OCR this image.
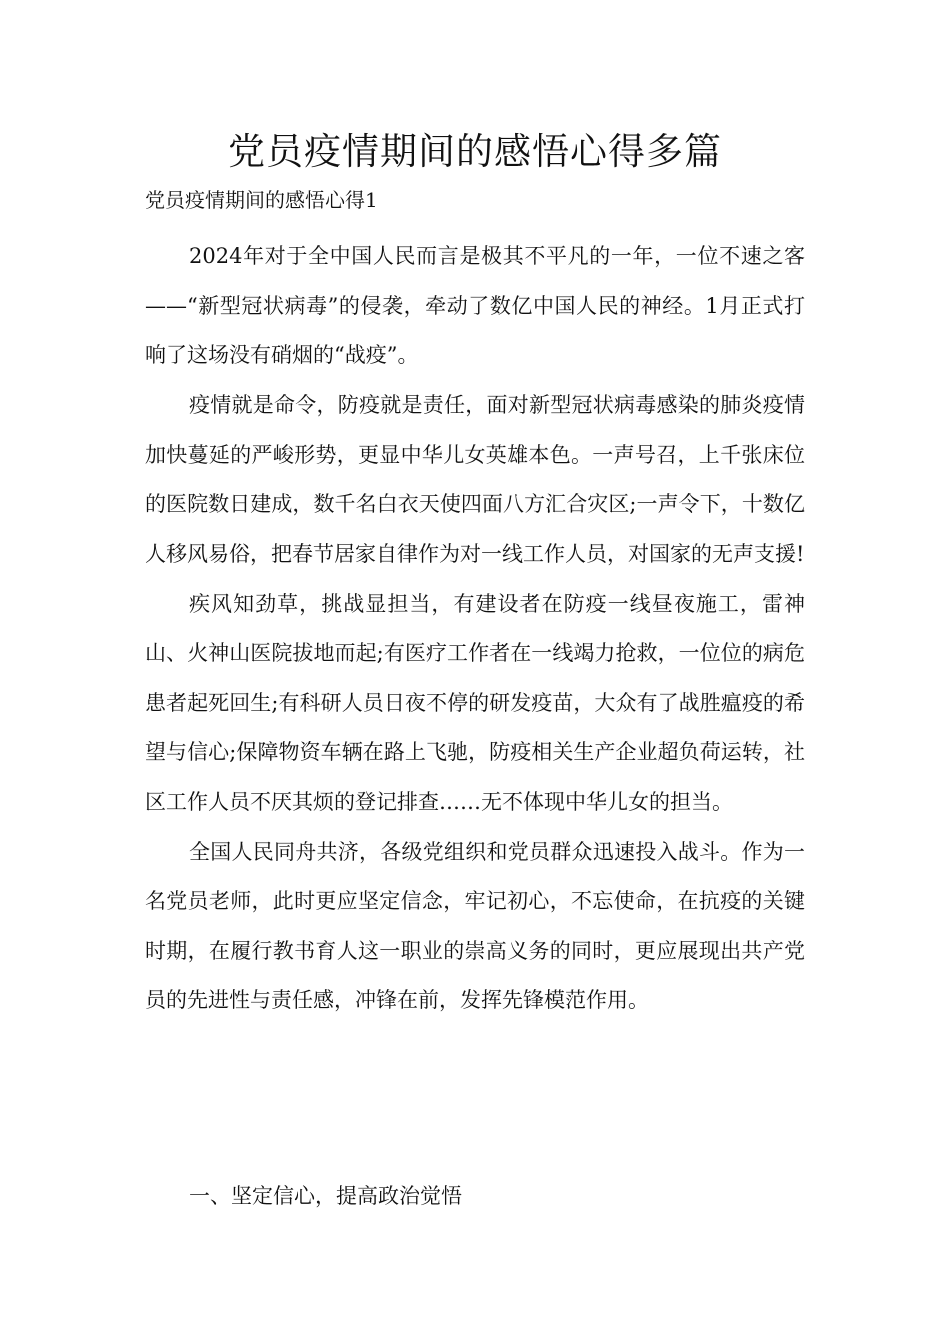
党员疫情期间的感悟心得多篇

党员疫情期间的感悟心得1

2024年对于全中国人民而言是极其不平凡的一年，一位不速之客——“新型冠状病毒”的侵袭，牵动了数亿中国人民的神经。1月正式打响了这场没有硝烟的“战疫”。

疫情就是命令，防疫就是责任，面对新型冠状病毒感染的肺炎疫情加快蔓延的严峻形势，更显中华儿女英雄本色。一声号召，上千张床位的医院数日建成，数千名白衣天使四面八方汇合灾区;一声令下，十数亿人移风易俗，把春节居家自律作为对一线工作人员，对国家的无声支援!

疾风知劲草，挑战显担当，有建设者在防疫一线昼夜施工，雷神山、火神山医院拔地而起;有医疗工作者在一线竭力抢救，一位位的病危患者起死回生;有科研人员日夜不停的研发疫苗，大众有了战胜瘟疫的希望与信心;保障物资车辆在路上飞驰，防疫相关生产企业超负荷运转，社区工作人员不厌其烦的登记排查……无不体现中华儿女的担当。

全国人民同舟共济，各级党组织和党员群众迅速投入战斗。作为一名党员老师，此时更应坚定信念，牢记初心，不忘使命，在抗疫的关键时期，在履行教书育人这一职业的崇高义务的同时，更应展现出共产党员的先进性与责任感，冲锋在前，发挥先锋模范作用。

一、坚定信心，提高政治觉悟
